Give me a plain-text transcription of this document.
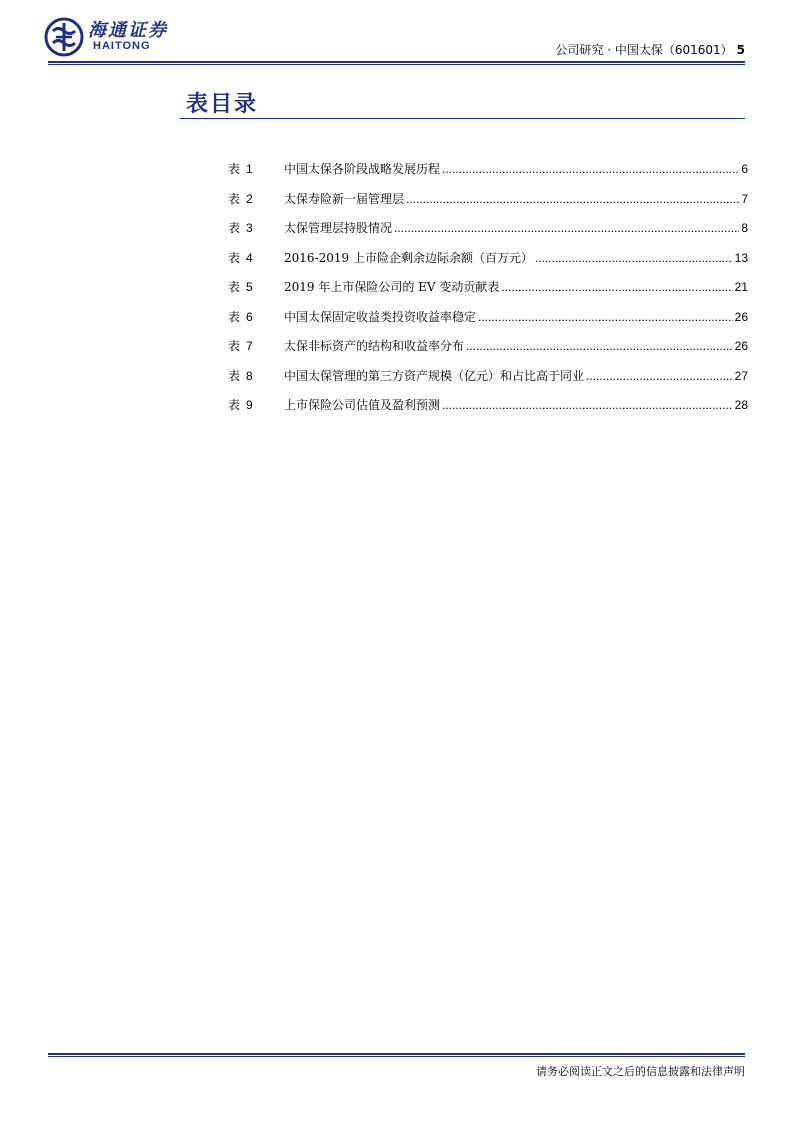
海通证券
HAITONG	公司研究 · 中国太保（601601） 5
表目录
表 1	中国太保各阶段战略发展历程 .....	6
表 2	太保寿险新一届管理层 .....	7
表 3	太保管理层持股情况 .....	8
表 4	2016-2019 上市险企剩余边际余额（百万元） .....	13
表 5	2019 年上市保险公司的 EV 变动贡献表 .....	21
表 6	中国太保固定收益类投资收益率稳定 .....	26
表 7	太保非标资产的结构和收益率分布 .....	26
表 8	中国太保管理的第三方资产规模（亿元）和占比高于同业 .....	27
表 9	上市保险公司估值及盈利预测 .....	28
请务必阅读正文之后的信息披露和法律声明
